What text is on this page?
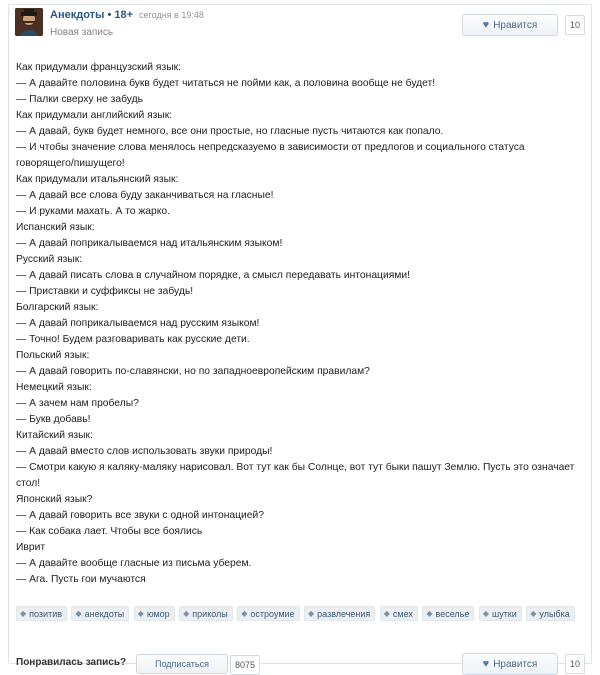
Анекдоты • 18+ сегодня в 19:48
Новая запись
♥ Нравится	10
Как придумали французский язык:
— А давайте половина букв будет читаться не пойми как, а половина вообще не будет!
— Палки сверху не забудь
Как придумали английский язык:
— А давай, букв будет немного, все они простые, но гласные пусть читаются как попало.
— И чтобы значение слова менялось непредсказуемо в зависимости от предлогов и социального статуса говорящего/пишущего!
Как придумали итальянский язык:
— А давай все слова буду заканчиваться на гласные!
— И руками махать. А то жарко.
Испанский язык:
— А давай поприкалываемся над итальянским языком!
Русский язык:
— А давай писать слова в случайном порядке, а смысл передавать интонациями!
— Приставки и суффиксы не забудь!
Болгарский язык:
— А давай поприкалываемся над русским языком!
— Точно! Будем разговаривать как русские дети.
Польский язык:
— А давай говорить по-славянски, но по западноевропейским правилам?
Немецкий язык:
— А зачем нам пробелы?
— Букв добавь!
Китайский язык:
— А давай вместо слов использовать звуки природы!
— Смотри какую я каляку-маляку нарисовал. Вот тут как бы Солнце, вот тут быки пашут Землю. Пусть это означает стол!
Японский язык?
— А давай говорить все звуки с одной интонацией?
— Как собака лает. Чтобы все боялись
Иврит
— А давайте вообще гласные из письма уберем.
— Ага. Пусть гои мучаются
◆ позитив
◆ анекдоты
◆ юмор
◆ приколы
◆ остроумие
◆ развлечения
◆ смех
◆ веселье
◆ шутки
◆ улыбка
Понравилась запись?	Подписаться	8075	♥ Нравится	10
